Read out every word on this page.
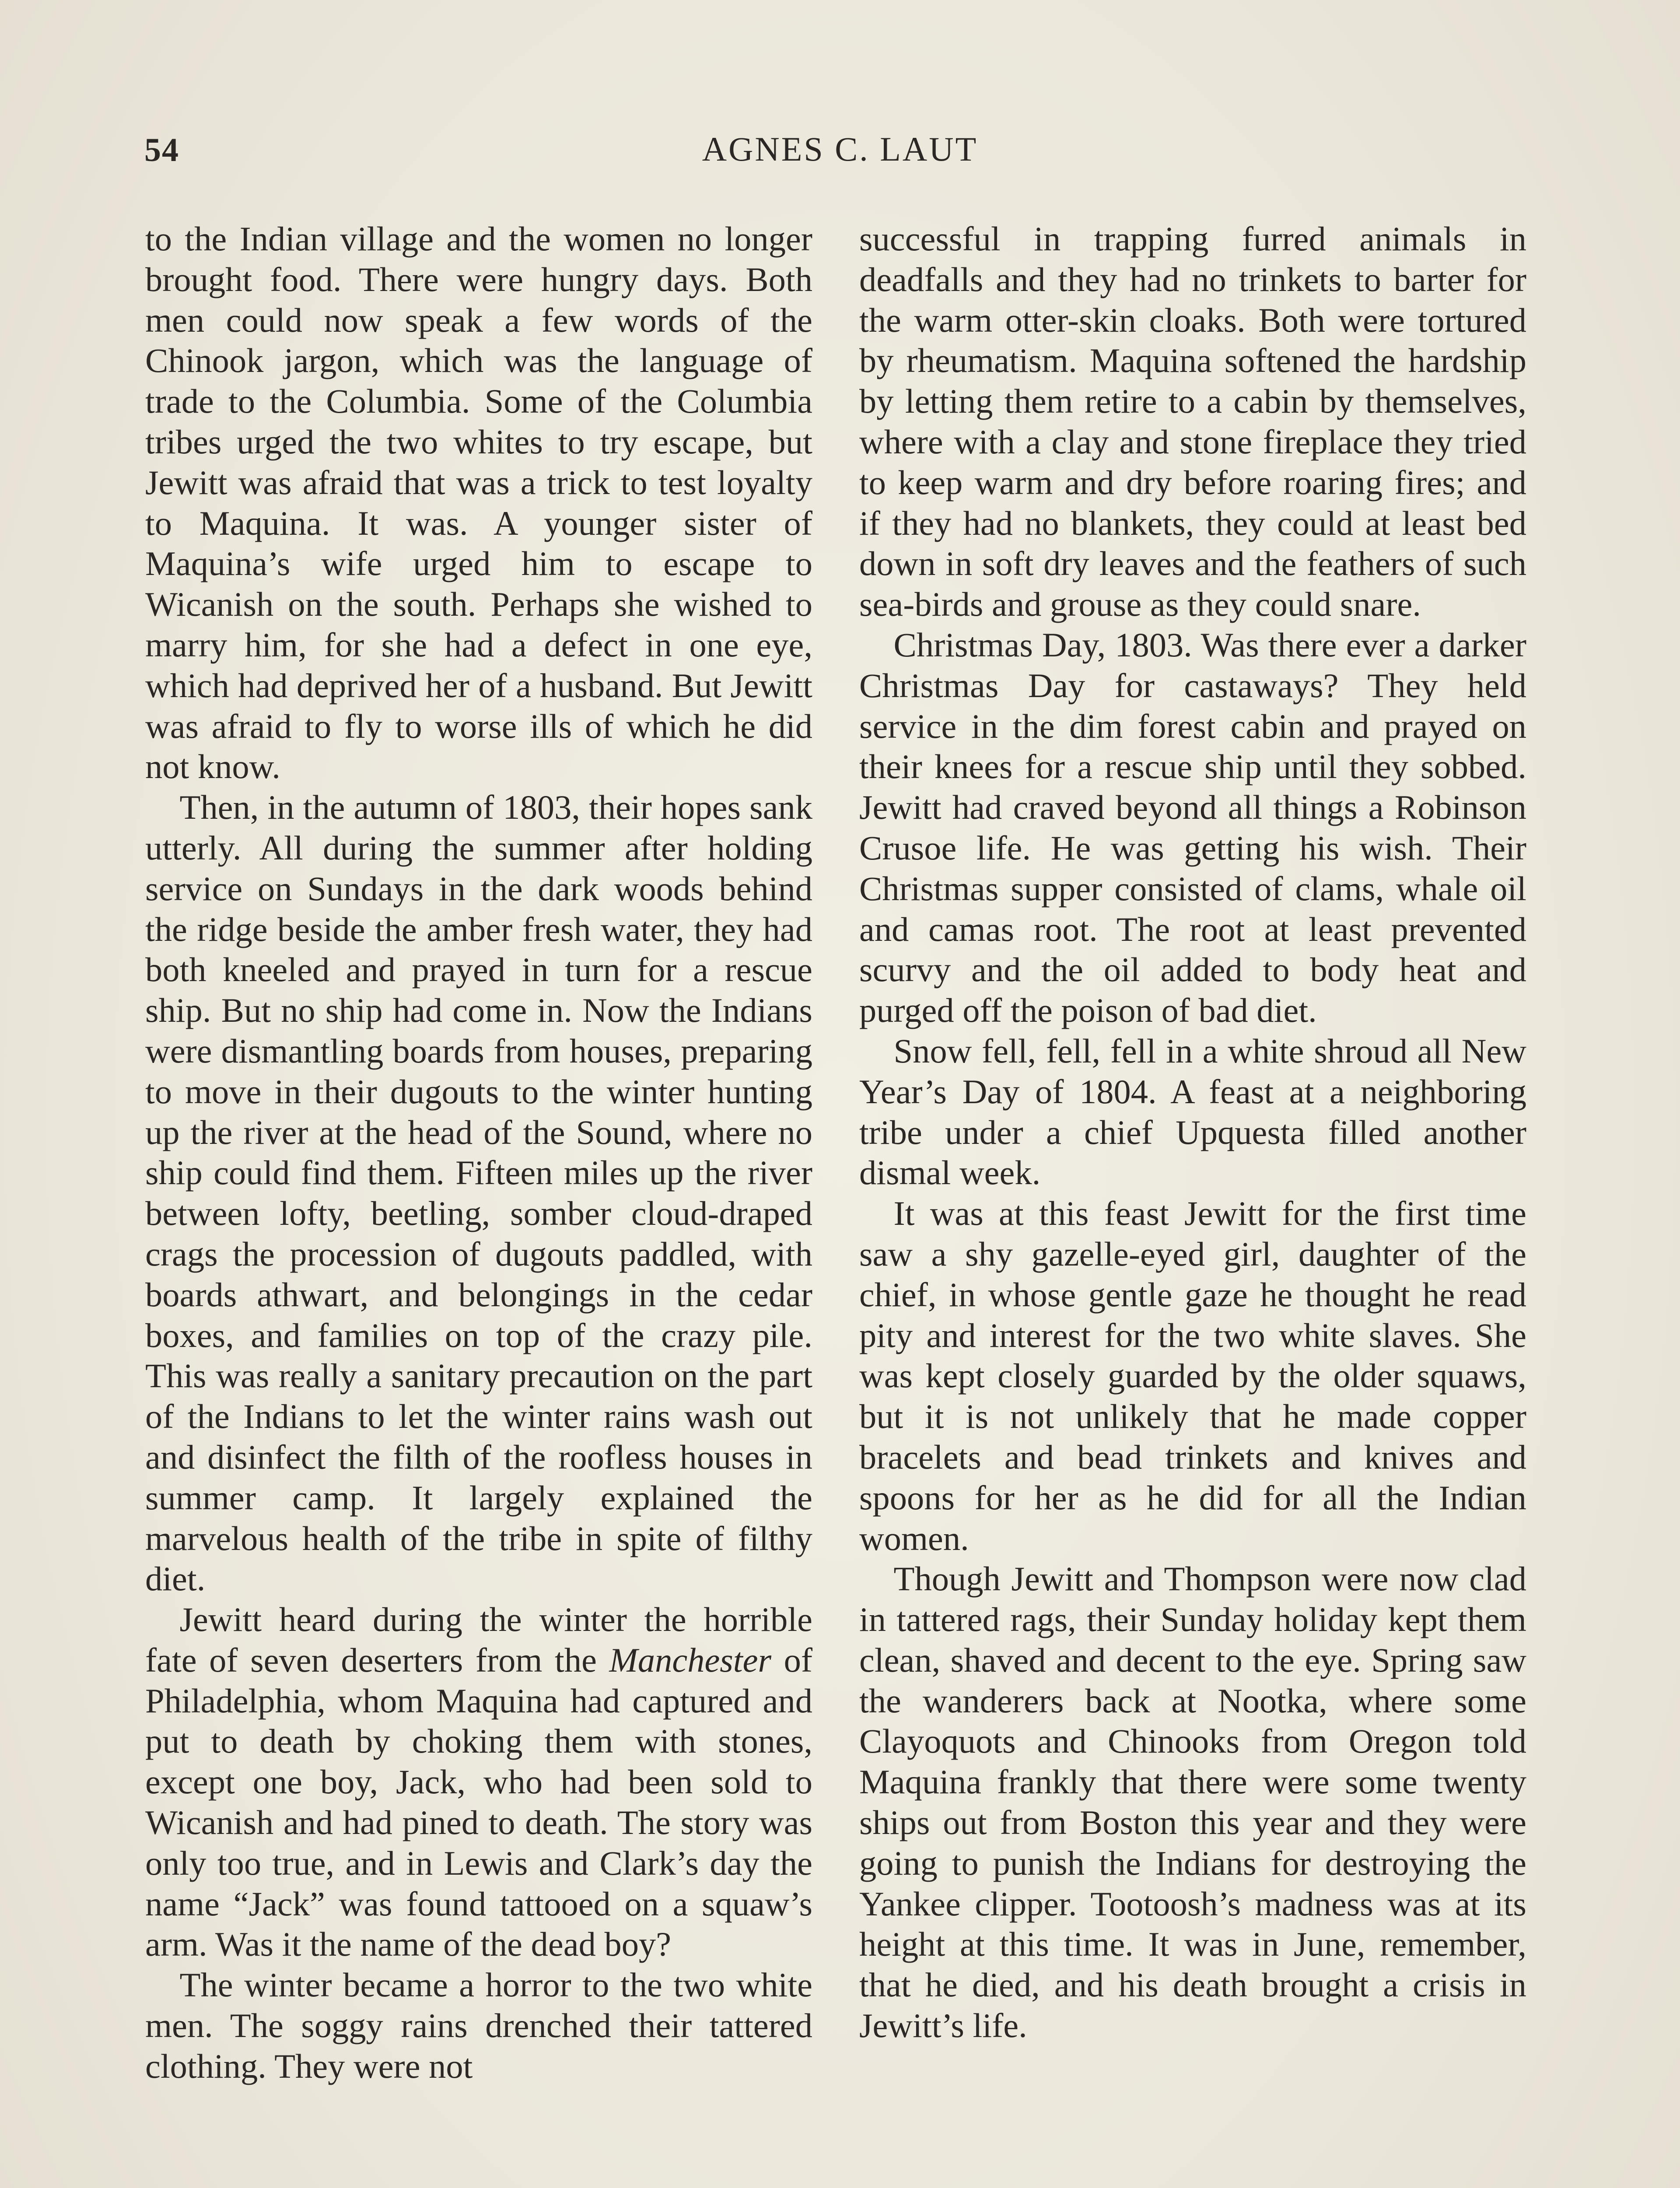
54	AGNES C. LAUT

to the Indian village and the women no longer brought food. There were hungry days. Both men could now speak a few words of the Chinook jargon, which was the language of trade to the Columbia. Some of the Columbia tribes urged the two whites to try escape, but Jewitt was afraid that was a trick to test loyalty to Maquina. It was. A younger sister of Maquina’s wife urged him to escape to Wicanish on the south. Perhaps she wished to marry him, for she had a defect in one eye, which had deprived her of a husband. But Jewitt was afraid to fly to worse ills of which he did not know.

Then, in the autumn of 1803, their hopes sank utterly. All during the summer after holding service on Sundays in the dark woods behind the ridge beside the amber fresh water, they had both kneeled and prayed in turn for a rescue ship. But no ship had come in. Now the Indians were dismantling boards from houses, preparing to move in their dugouts to the winter hunting up the river at the head of the Sound, where no ship could find them. Fifteen miles up the river between lofty, beetling, somber cloud-draped crags the procession of dugouts paddled, with boards athwart, and belongings in the cedar boxes, and families on top of the crazy pile. This was really a sanitary precaution on the part of the Indians to let the winter rains wash out and disinfect the filth of the roofless houses in summer camp. It largely explained the marvelous health of the tribe in spite of filthy diet.

Jewitt heard during the winter the horrible fate of seven deserters from the Manchester of Philadelphia, whom Maquina had captured and put to death by choking them with stones, except one boy, Jack, who had been sold to Wicanish and had pined to death. The story was only too true, and in Lewis and Clark’s day the name “Jack” was found tattooed on a squaw’s arm. Was it the name of the dead boy?

The winter became a horror to the two white men. The soggy rains drenched their tattered clothing. They were not

successful in trapping furred animals in deadfalls and they had no trinkets to barter for the warm otter-skin cloaks. Both were tortured by rheumatism. Maquina softened the hardship by letting them retire to a cabin by themselves, where with a clay and stone fireplace they tried to keep warm and dry before roaring fires; and if they had no blankets, they could at least bed down in soft dry leaves and the feathers of such sea-birds and grouse as they could snare.

Christmas Day, 1803. Was there ever a darker Christmas Day for castaways? They held service in the dim forest cabin and prayed on their knees for a rescue ship until they sobbed. Jewitt had craved beyond all things a Robinson Crusoe life. He was getting his wish. Their Christmas supper consisted of clams, whale oil and camas root. The root at least prevented scurvy and the oil added to body heat and purged off the poison of bad diet.

Snow fell, fell, fell in a white shroud all New Year’s Day of 1804. A feast at a neighboring tribe under a chief Upquesta filled another dismal week.

It was at this feast Jewitt for the first time saw a shy gazelle-eyed girl, daughter of the chief, in whose gentle gaze he thought he read pity and interest for the two white slaves. She was kept closely guarded by the older squaws, but it is not unlikely that he made copper bracelets and bead trinkets and knives and spoons for her as he did for all the Indian women.

Though Jewitt and Thompson were now clad in tattered rags, their Sunday holiday kept them clean, shaved and decent to the eye. Spring saw the wanderers back at Nootka, where some Clayoquots and Chinooks from Oregon told Maquina frankly that there were some twenty ships out from Boston this year and they were going to punish the Indians for destroying the Yankee clipper. Tootoosh’s madness was at its height at this time. It was in June, remember, that he died, and his death brought a crisis in Jewitt’s life.
